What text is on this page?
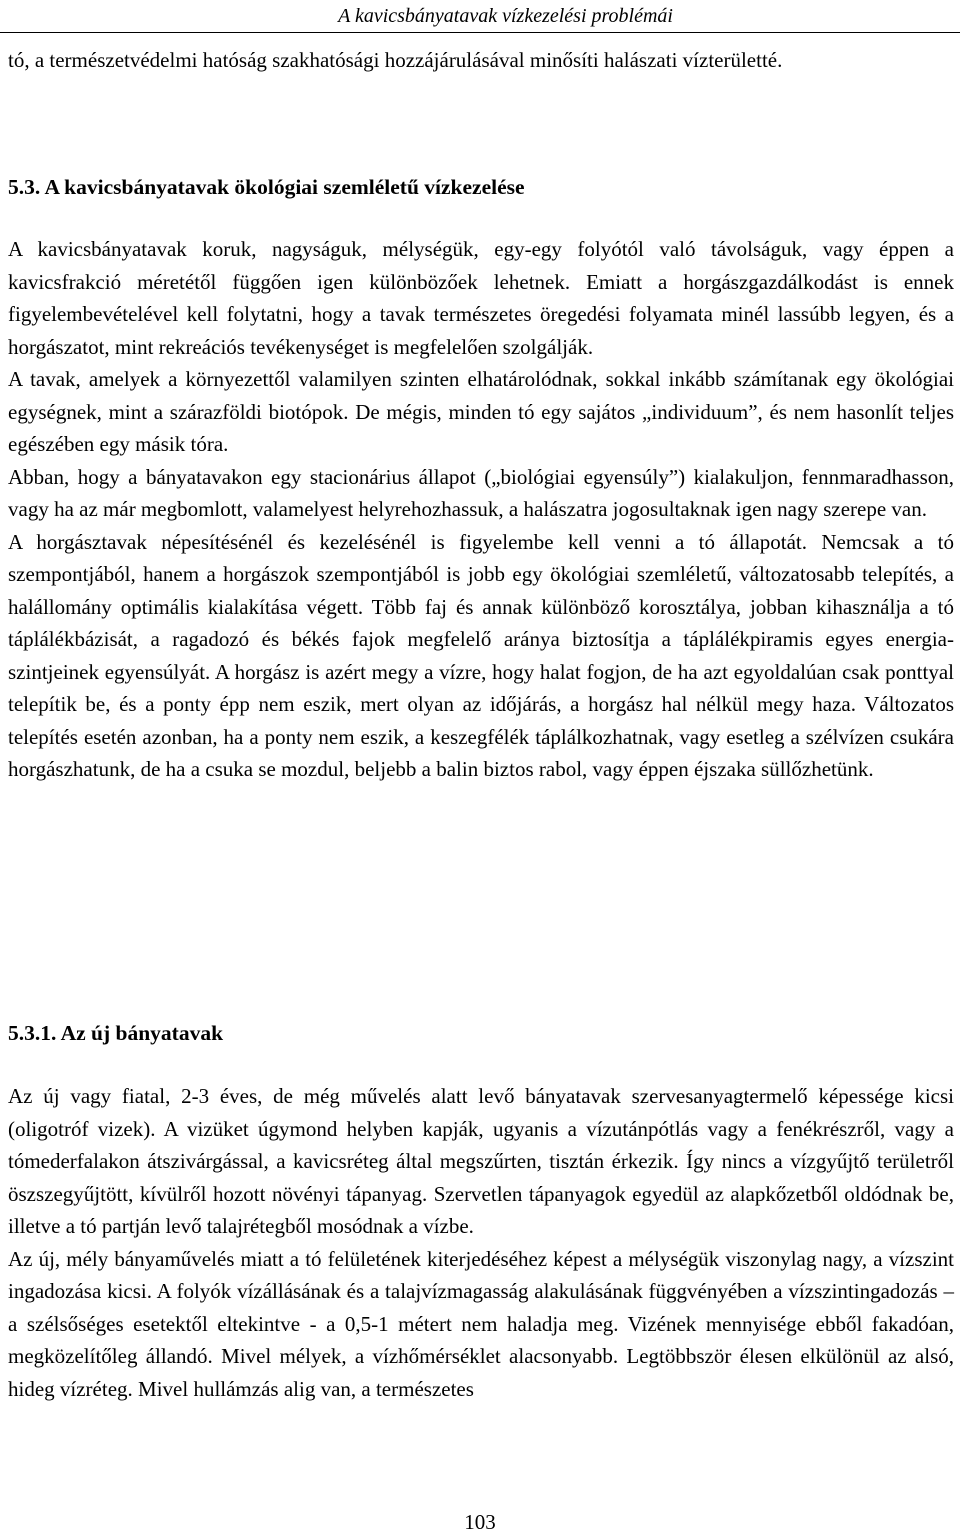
A kavicsbányatavak vízkezelési problémái

tó, a természetvédelmi hatóság szakhatósági hozzájárulásával minősíti halászati vízterületté.

5.3. A kavicsbányatavak ökológiai szemléletű vízkezelése

A kavicsbányatavak koruk, nagyságuk, mélységük, egy-egy folyótól való távolságuk, vagy éppen a kavicsfrakció méretétől függően igen különbözőek lehetnek. Emiatt a horgászgazdálkodást is ennek figyelembevételével kell folytatni, hogy a tavak természetes öregedési folyamata minél lassúbb legyen, és a horgászatot, mint rekreációs tevékenységet is megfelelően szolgálják.

A tavak, amelyek a környezettől valamilyen szinten elhatárolódnak, sokkal inkább számítanak egy ökológiai egységnek, mint a szárazföldi biotópok. De mégis, minden tó egy sajátos „individuum”, és nem hasonlít teljes egészében egy másik tóra.

Abban, hogy a bányatavakon egy stacionárius állapot („biológiai egyensúly”) kialakuljon, fennmaradhasson, vagy ha az már megbomlott, valamelyest helyrehozhassuk, a halászatra jogosultaknak igen nagy szerepe van.

A horgásztavak népesítésénél és kezelésénél is figyelembe kell venni a tó állapotát. Nemcsak a tó szempontjából, hanem a horgászok szempontjából is jobb egy ökológiai szemléletű, változatosabb telepítés, a halállomány optimális kialakítása végett. Több faj és annak különböző korosztálya, jobban kihasználja a tó táplálékbázisát, a ragadozó és békés fajok megfelelő aránya biztosítja a táplálékpiramis egyes energia-szintjeinek egyensúlyát. A horgász is azért megy a vízre, hogy halat fogjon, de ha azt egyoldalúan csak ponttyal telepítik be, és a ponty épp nem eszik, mert olyan az időjárás, a horgász hal nélkül megy haza. Változatos telepítés esetén azonban, ha a ponty nem eszik, a keszegfélék táplálkozhatnak, vagy esetleg a szélvízen csukára horgászhatunk, de ha a csuka se mozdul, beljebb a balin biztos rabol, vagy éppen éjszaka süllőzhetünk.

5.3.1. Az új bányatavak

Az új vagy fiatal, 2-3 éves, de még művelés alatt levő bányatavak szervesanyagtermelő képessége kicsi (oligotróf vizek). A vizüket úgymond helyben kapják, ugyanis a vízutánpótlás vagy a fenékrészről, vagy a tómederfalakon átszivárgással, a kavicsréteg által megszűrten, tisztán érkezik. Így nincs a vízgyűjtő területről öszszegyűjtött, kívülről hozott növényi tápanyag. Szervetlen tápanyagok egyedül az alapkőzetből oldódnak be, illetve a tó partján levő talajrétegből mosódnak a vízbe.

Az új, mély bányaművelés miatt a tó felületének kiterjedéséhez képest a mélységük viszonylag nagy, a vízszint ingadozása kicsi. A folyók vízállásának és a talajvízmagasság alakulásának függvényében a vízszintingadozás – a szélsőséges esetektől eltekintve - a 0,5-1 métert nem haladja meg. Vizének mennyisége ebből fakadóan, megközelítőleg állandó. Mivel mélyek, a vízhőmérséklet alacsonyabb. Legtöbbször élesen elkülönül az alsó, hideg vízréteg. Mivel hullámzás alig van, a természetes

103
